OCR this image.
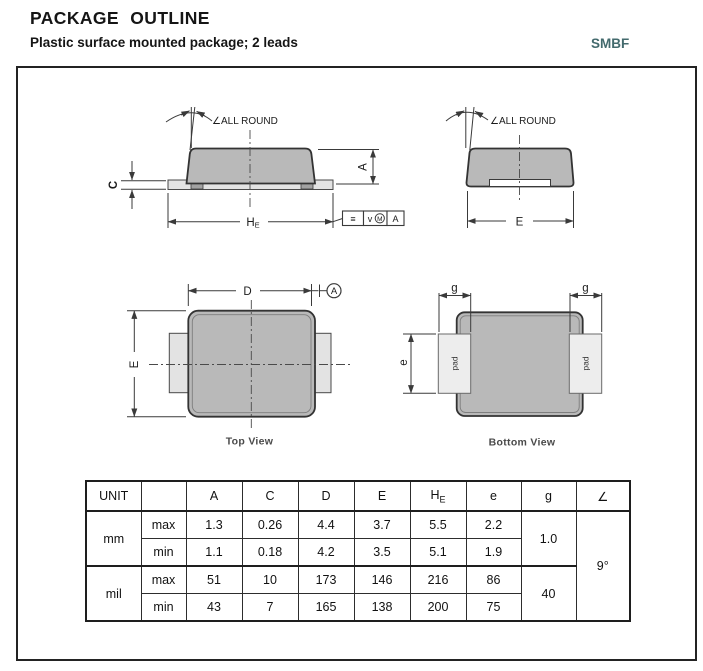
PACKAGE OUTLINE
Plastic surface mounted package; 2 leads	SMBF
∠ALL ROUND
A
C
HE
≡ v M A
∠ALL ROUND
E
D	A
E
Top View
pad	pad
g	g
e
Bottom View
UNIT		A	C	D	E	$H_E$	e	g	∠
mm	max	1.3	0.26	4.4	3.7	5.5	2.2	1.0	9°
	min	1.1	0.18	4.2	3.5	5.1	1.9		
mil	max	51	10	173	146	216	86	40	
	min	43	7	165	138	200	75		
